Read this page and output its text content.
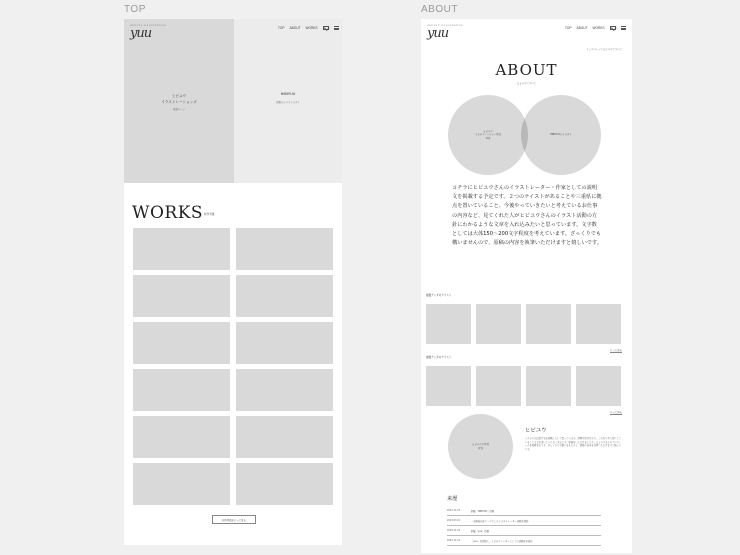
TOP	ABOUT
HIBIYUU ILLUSTRATION
yuu	TOP ABOUT WORKS
ヒビユウ
イラストレーションズ
複数ページ
HIBIYUU
複数ヒビユウイラスト
WORKS 制作実績
制作実績をもっと見る
HIBIYUU ILLUSTRATION
yuu	TOP ABOUT WORKS
トップページ / ヒビユウについて
ABOUT
ヒビユウについて
ヒビユウ
イラストレーション作品
写真
HIBIYUUのイラスト
コチラにヒビユウさんのイラストレーター・作家としての説明文を掲載する予定です。２つのテイストがあることや三重県に拠点を置いていること、今後やっていきたいと考えているお仕事の内容など、見てくれた人がヒビユウさんのイラスト活動の方針にわかるような文章を入れ込みたいと思っています。文字数としては大体150～200文字程度を考えています。ざっくりでも構いませんので、原稿の内容を執筆いただけますと嬉しいです。
複数テンダのテイスト
もっと見る
複数テンダのテイスト
もっと見る
ヒビユウの写真
写真
ヒビユウ
コチラに自己紹介文を掲載したいと思っています。経歴や好きなもの、こだわりや大切にしていることなどを書いていただく予定です。原稿をいただけましたら、ヒビユウさんのプロフィールを掲載予定です。ざっくりでも構いませんので、原稿の内容を執筆いただけますと嬉しいです。
来歴
2024.11.01	個展「HIBIYUU」開催
2023.03.01	三重県地域をテーマとしたイラストレーター活動を開始
2018.11.01	個展「yuu」開催
2020.11.01	「yuu」を開始し、イラストレーターとしての活動を本格化
